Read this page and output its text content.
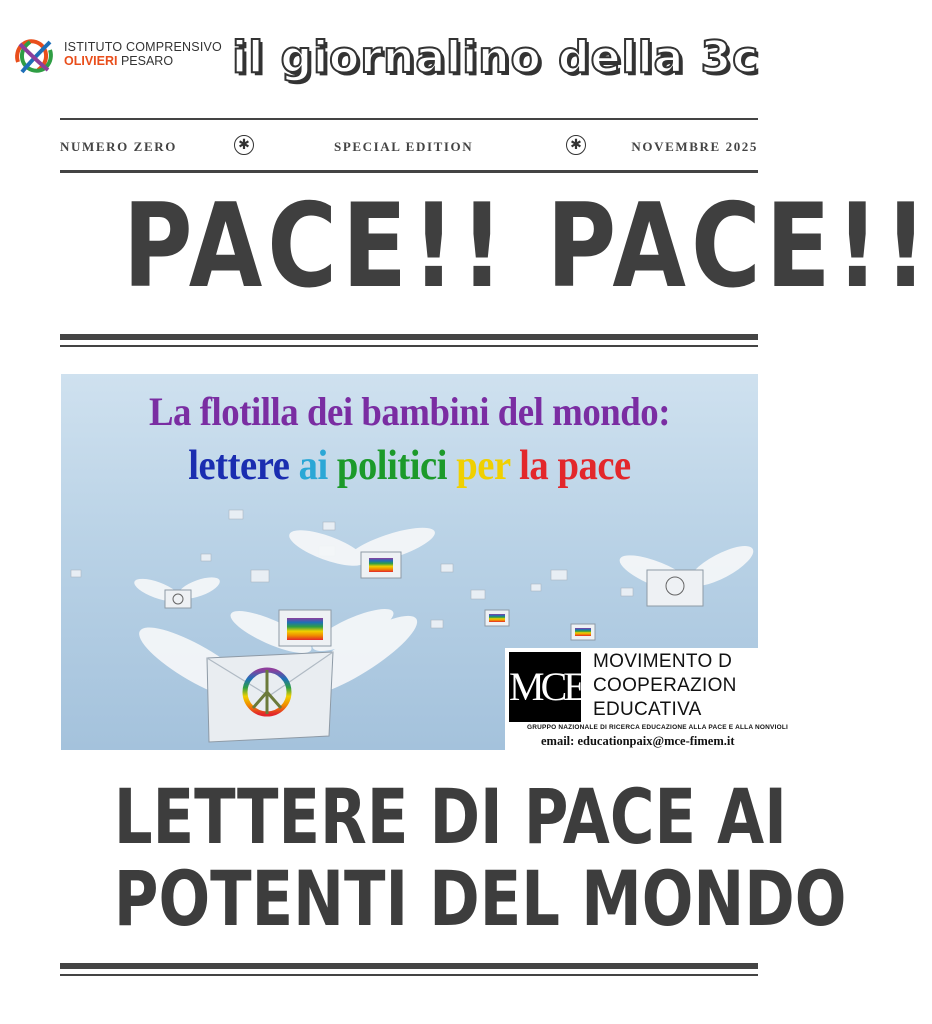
ISTITUTO COMPRENSIVO
OLIVIERI PESARO	il giornalino della 3c
NUMERO ZERO	✱	SPECIAL EDITION	✱	NOVEMBRE 2025
PACE!! PACE!!
La flotilla dei bambini del mondo:
lettere ai politici per la pace
MCE
MOVIMENTO D
COOPERAZION
EDUCATIVA
GRUPPO NAZIONALE DI RICERCA EDUCAZIONE ALLA PACE E ALLA NONVIOLI
email: educationpaix@mce-fimem.it
LETTERE DI PACE AI
POTENTI DEL MONDO
